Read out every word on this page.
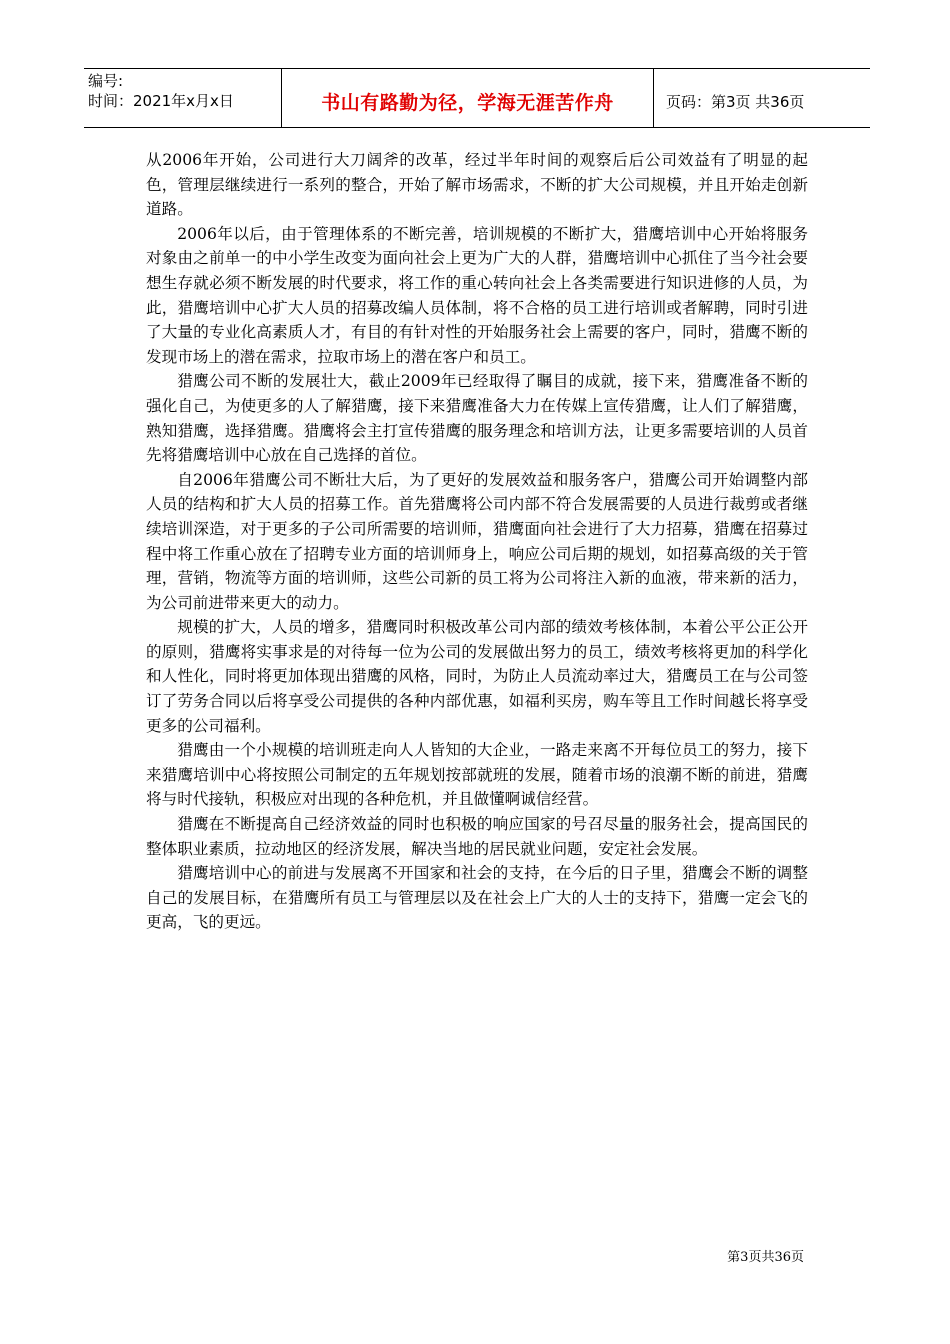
编号:
时间：2021年x月x日	书山有路勤为径，学海无涯苦作舟	页码：第3页 共36页

从2006年开始，公司进行大刀阔斧的改革，经过半年时间的观察后后公司效益有了明显的起色，管理层继续进行一系列的整合，开始了解市场需求，不断的扩大公司规模，并且开始走创新道路。

2006年以后，由于管理体系的不断完善，培训规模的不断扩大，猎鹰培训中心开始将服务对象由之前单一的中小学生改变为面向社会上更为广大的人群，猎鹰培训中心抓住了当今社会要想生存就必须不断发展的时代要求，将工作的重心转向社会上各类需要进行知识进修的人员，为此，猎鹰培训中心扩大人员的招募改编人员体制，将不合格的员工进行培训或者解聘，同时引进了大量的专业化高素质人才，有目的有针对性的开始服务社会上需要的客户，同时，猎鹰不断的发现市场上的潜在需求，拉取市场上的潜在客户和员工。

猎鹰公司不断的发展壮大，截止2009年已经取得了瞩目的成就，接下来，猎鹰准备不断的强化自己，为使更多的人了解猎鹰，接下来猎鹰准备大力在传媒上宣传猎鹰，让人们了解猎鹰，熟知猎鹰，选择猎鹰。猎鹰将会主打宣传猎鹰的服务理念和培训方法，让更多需要培训的人员首先将猎鹰培训中心放在自己选择的首位。

自2006年猎鹰公司不断壮大后，为了更好的发展效益和服务客户，猎鹰公司开始调整内部人员的结构和扩大人员的招募工作。首先猎鹰将公司内部不符合发展需要的人员进行裁剪或者继续培训深造，对于更多的子公司所需要的培训师，猎鹰面向社会进行了大力招募，猎鹰在招募过程中将工作重心放在了招聘专业方面的培训师身上，响应公司后期的规划，如招募高级的关于管理，营销，物流等方面的培训师，这些公司新的员工将为公司将注入新的血液，带来新的活力，为公司前进带来更大的动力。

规模的扩大，人员的增多，猎鹰同时积极改革公司内部的绩效考核体制，本着公平公正公开的原则，猎鹰将实事求是的对待每一位为公司的发展做出努力的员工，绩效考核将更加的科学化和人性化，同时将更加体现出猎鹰的风格，同时，为防止人员流动率过大，猎鹰员工在与公司签订了劳务合同以后将享受公司提供的各种内部优惠，如福利买房，购车等且工作时间越长将享受更多的公司福利。

猎鹰由一个小规模的培训班走向人人皆知的大企业，一路走来离不开每位员工的努力，接下来猎鹰培训中心将按照公司制定的五年规划按部就班的发展，随着市场的浪潮不断的前进，猎鹰将与时代接轨，积极应对出现的各种危机，并且做懂啊诚信经营。

猎鹰在不断提高自己经济效益的同时也积极的响应国家的号召尽量的服务社会，提高国民的整体职业素质，拉动地区的经济发展，解决当地的居民就业问题，安定社会发展。

猎鹰培训中心的前进与发展离不开国家和社会的支持，在今后的日子里，猎鹰会不断的调整自己的发展目标，在猎鹰所有员工与管理层以及在社会上广大的人士的支持下，猎鹰一定会飞的更高，飞的更远。

第3页共36页
